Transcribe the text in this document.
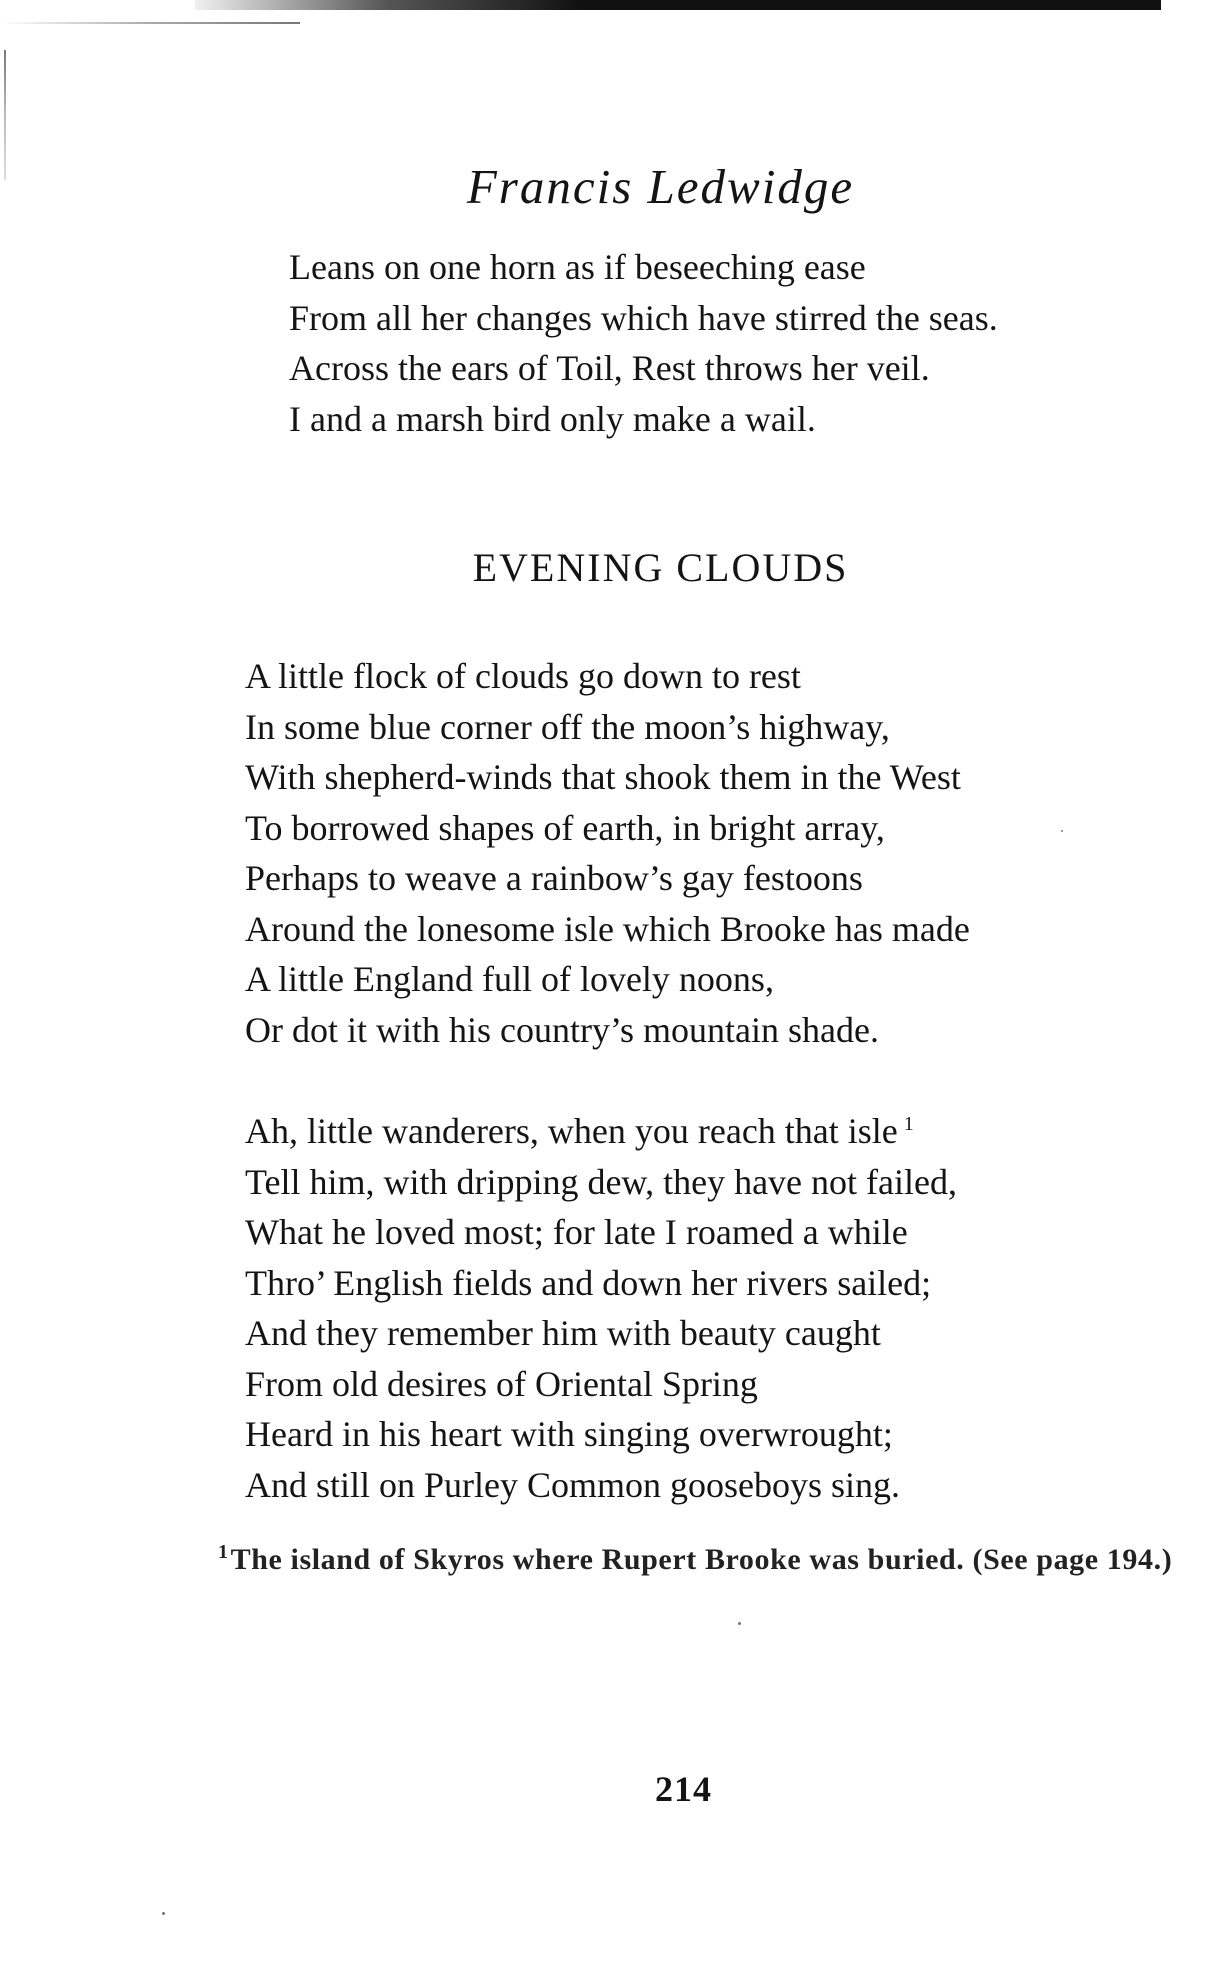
Francis Ledwidge
Leans on one horn as if beseeching ease
From all her changes which have stirred the seas.
Across the ears of Toil, Rest throws her veil.
I and a marsh bird only make a wail.
EVENING CLOUDS
A little flock of clouds go down to rest
In some blue corner off the moon’s highway,
With shepherd-winds that shook them in the West
To borrowed shapes of earth, in bright array,
Perhaps to weave a rainbow’s gay festoons
Around the lonesome isle which Brooke has made
A little England full of lovely noons,
Or dot it with his country’s mountain shade.
Ah, little wanderers, when you reach that isle $^1$
Tell him, with dripping dew, they have not failed,
What he loved most; for late I roamed a while
Thro’ English fields and down her rivers sailed;
And they remember him with beauty caught
From old desires of Oriental Spring
Heard in his heart with singing overwrought;
And still on Purley Common gooseboys sing.
$^1$The island of Skyros where Rupert Brooke was buried. (See page 194.)
214
